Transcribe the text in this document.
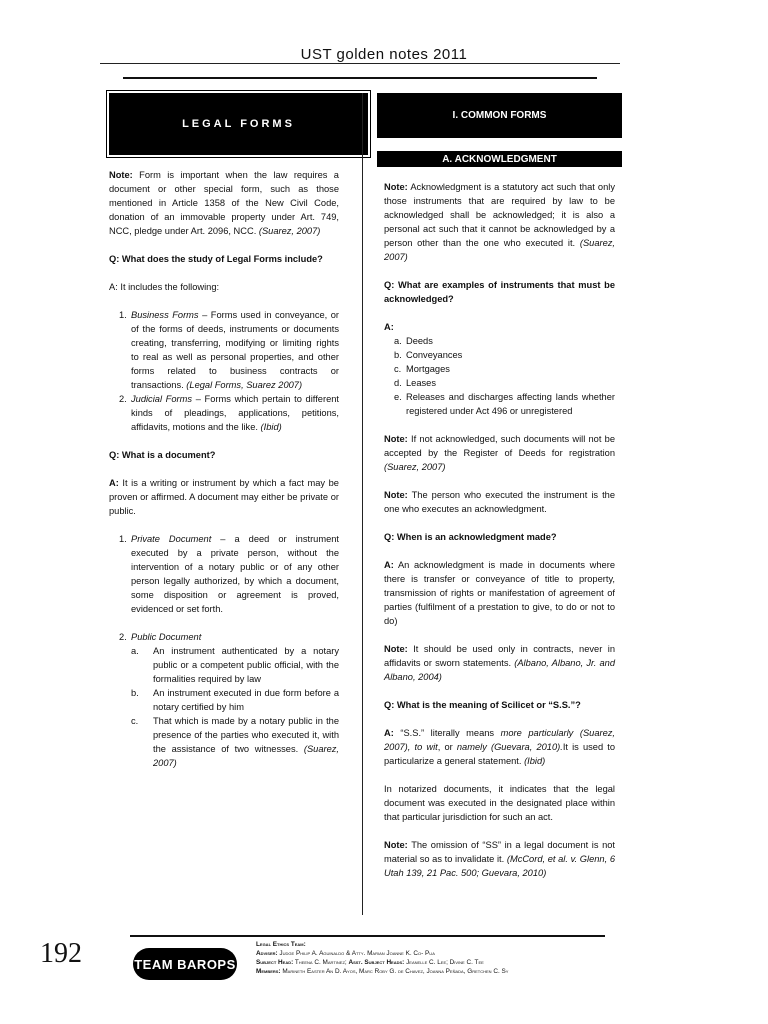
UST golden notes 2011
LEGAL FORMS
I. COMMON FORMS
A. ACKNOWLEDGMENT

Note: Form is important when the law requires a document or other special form, such as those mentioned in Article 1358 of the New Civil Code, donation of an immovable property under Art. 749, NCC, pledge under Art. 2096, NCC. (Suarez, 2007)

Q: What does the study of Legal Forms include?

A: It includes the following:

1. Business Forms – Forms used in conveyance, or of the forms of deeds, instruments or documents creating, transferring, modifying or limiting rights to real as well as personal properties, and other forms related to business contracts or transactions. (Legal Forms, Suarez 2007)
2. Judicial Forms – Forms which pertain to different kinds of pleadings, applications, petitions, affidavits, motions and the like. (Ibid)

Q: What is a document?

A: It is a writing or instrument by which a fact may be proven or affirmed. A document may either be private or public.

1. Private Document – a deed or instrument executed by a private person, without the intervention of a notary public or of any other person legally authorized, by which a document, some disposition or agreement is proved, evidenced or set forth.
2. Public Document
a. An instrument authenticated by a notary public or a competent public official, with the formalities required by law
b. An instrument executed in due form before a notary certified by him
c. That which is made by a notary public in the presence of the parties who executed it, with the assistance of two witnesses. (Suarez, 2007)

Note: Acknowledgment is a statutory act such that only those instruments that are required by law to be acknowledged shall be acknowledged; it is also a personal act such that it cannot be acknowledged by a person other than the one who executed it. (Suarez, 2007)

Q: What are examples of instruments that must be acknowledged?

A:

a. Deeds
b. Conveyances
c. Mortgages
d. Leases
e. Releases and discharges affecting lands whether registered under Act 496 or unregistered

Note: If not acknowledged, such documents will not be accepted by the Register of Deeds for registration (Suarez, 2007)

Note: The person who executed the instrument is the one who executes an acknowledgment.

Q: When is an acknowledgment made?

A: An acknowledgment is made in documents where there is transfer or conveyance of title to property, transmission of rights or manifestation of agreement of parties (fulfilment of a prestation to give, to do or not to do)

Note: It should be used only in contracts, never in affidavits or sworn statements. (Albano, Albano, Jr. and Albano, 2004)

Q: What is the meaning of Scilicet or “S.S.”?

A: “S.S.” literally means more particularly (Suarez, 2007), to wit, or namely (Guevara, 2010).It is used to particularize a general statement. (Ibid)

In notarized documents, it indicates that the legal document was executed in the designated place within that particular jurisdiction for such an act.

Note: The omission of “SS” in a legal document is not material so as to invalidate it. (McCord, et al. v. Glenn, 6 Utah 139, 21 Pac. 500; Guevara, 2010)

192	TEAM BAROPS
Legal Ethics Team:
Adviser: Judge Philip A. Aguinaldo & Atty. Marian Joanne K. Co- Pua
Subject Head: Theena C. Martinez; Asst. Subject Heads: Jeanelle C. Lee; Divine C. Tee
Members: Marineth Easter An D. Ayos, Marc Roby G. de Chavez, Joanna Peñada, Gretchen C. Sy
